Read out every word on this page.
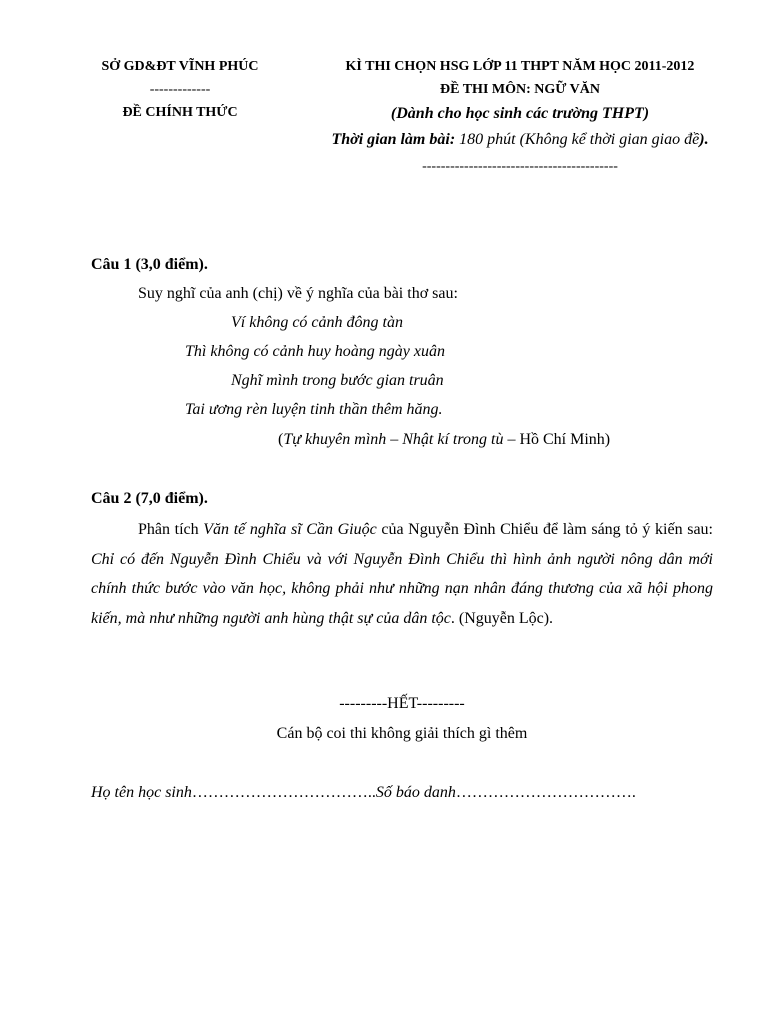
SỞ GD&ĐT VĨNH PHÚC
-------------
ĐỀ CHÍNH THỨC
KÌ THI CHỌN HSG LỚP 11 THPT NĂM HỌC 2011-2012
ĐỀ THI MÔN: NGỮ VĂN
(Dành cho học sinh các trường THPT)
Thời gian làm bài: 180 phút (Không kể thời gian giao đề).
------------------------------------------
Câu 1 (3,0 điểm).
Suy nghĩ của anh (chị) về ý nghĩa của bài thơ sau:
Ví không có cảnh đông tàn
Thì không có cảnh huy hoàng ngày xuân
Nghĩ mình trong bước gian truân
Tai ương rèn luyện tinh thần thêm hăng.
(Tự khuyên mình – Nhật kí trong tù – Hồ Chí Minh)
Câu 2 (7,0 điểm).
Phân tích Văn tế nghĩa sĩ Cần Giuộc của Nguyễn Đình Chiểu để làm sáng tỏ ý kiến sau: Chỉ có đến Nguyễn Đình Chiểu và với Nguyễn Đình Chiểu thì hình ảnh người nông dân mới chính thức bước vào văn học, không phải như những nạn nhân đáng thương của xã hội phong kiến, mà như những người anh hùng thật sự của dân tộc. (Nguyễn Lộc).
---------HẾT---------
Cán bộ coi thi không giải thích gì thêm
Họ tên học sinh……………………………..Số báo danh…………………………….
